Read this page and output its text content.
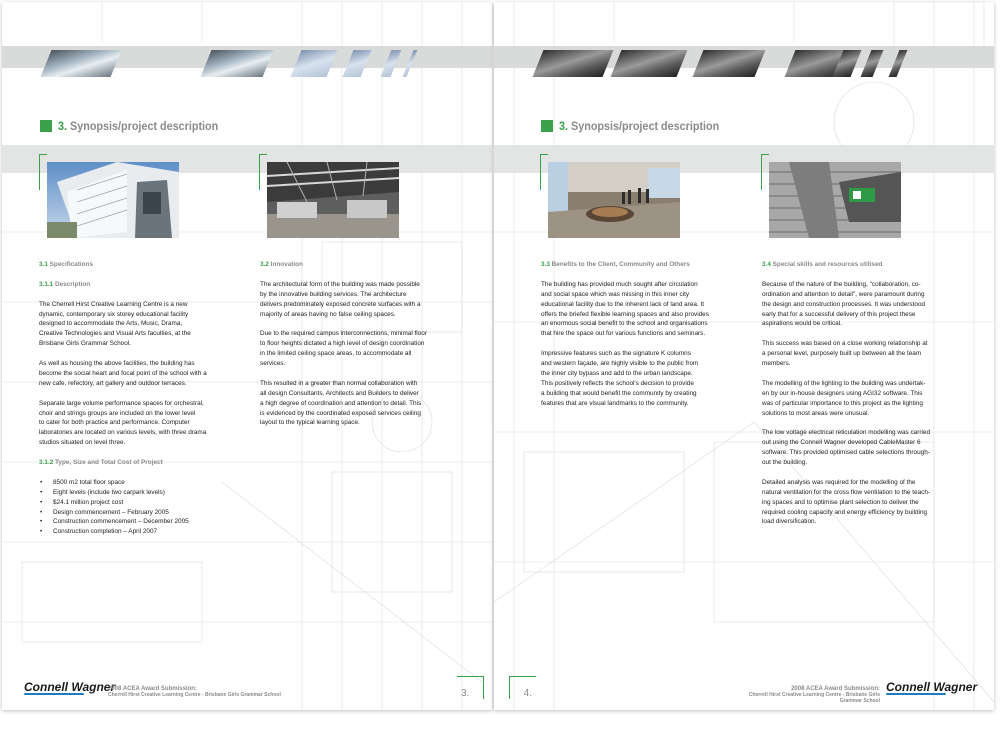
3. Synopsis/project description
3.1 Specifications
3.1.1 Description

The Cherrell Hirst Creative Learning Centre is a new
dynamic, contemporary six storey educational facility
designed to accommodate the Arts, Music, Drama,
Creative Technologies and Visual Arts faculties, at the
Brisbane Girls Grammar School.

As well as housing the above facilities, the building has
become the social heart and focal point of the school with a
new cafe, refectory, art gallery and outdoor terraces.

Separate large volume performance spaces for orchestral,
choir and strings groups are included on the lower level
to cater for both practice and performance. Computer
laboratories are located on various levels, with three drama
studios situated on level three.

3.1.2 Type, Size and Total Cost of Project
• 8500 m2 total floor space
• Eight levels (include two carpark levels)
• $24.1 million project cost
• Design commencement – February 2005
• Construction commencement – December 2005
• Construction completion – April 2007
3.2 Innovation

The architectural form of the building was made possible
by the innovative building services. The architecture
delivers predominately exposed concrete surfaces with a
majority of areas having no false ceiling spaces.

Due to the required campus interconnections, minimal floor
to floor heights dictated a high level of design coordination
in the limited ceiling space areas, to accommodate all
services.

This resulted in a greater than normal collaboration with
all design Consultants, Architects and Builders to deliver
a high degree of coordination and attention to detail. This
is evidenced by the coordinated exposed services ceiling
layout to the typical learning space.

Connell Wagner
2008 ACEA Award Submission:
Cherrell Hirst Creative Learning Centre - Brisbane Girls Grammar School	3.
3. Synopsis/project description
3.3 Benefits to the Client, Community and Others

The building has provided much sought after circulation
and social space which was missing in this inner city
educational facility due to the inherent lack of land area. It
offers the briefed flexible learning spaces and also provides
an enormous social benefit to the school and organisations
that hire the space out for various functions and seminars.

Impressive features such as the signature K columns
and western façade, are highly visible to the public from
the inner city bypass and add to the urban landscape.
This positively reflects the school's decision to provide
a building that would benefit the community by creating
features that are visual landmarks to the community.

3.4 Special skills and resources utilised

Because of the nature of the building, "collaboration, co-
ordination and attention to detail", were paramount during
the design and construction processes. It was understood
early that for a successful delivery of this project these
aspirations would be critical.

This success was based on a close working relationship at
a personal level, purposely built up between all the team
members.

The modelling of the lighting to the building was undertak-
en by our in-house designers using AGI32 software. This
was of particular importance to this project as the lighting
solutions to most areas were unusual.

The low voltage electrical reticulation modelling was carried
out using the Connell Wagner developed CableMaster 6
software. This provided optimised cable selections through-
out the building.

Detailed analysis was required for the modelling of the
natural ventilation for the cross flow ventilation to the teach-
ing spaces and to optimise plant selection to deliver the
required cooling capacity and energy efficiency by building
load diversification.

4.	2008 ACEA Award Submission:
Cherrell Hirst Creative Learning Centre - Brisbane Girls Grammar School
Connell Wagner
